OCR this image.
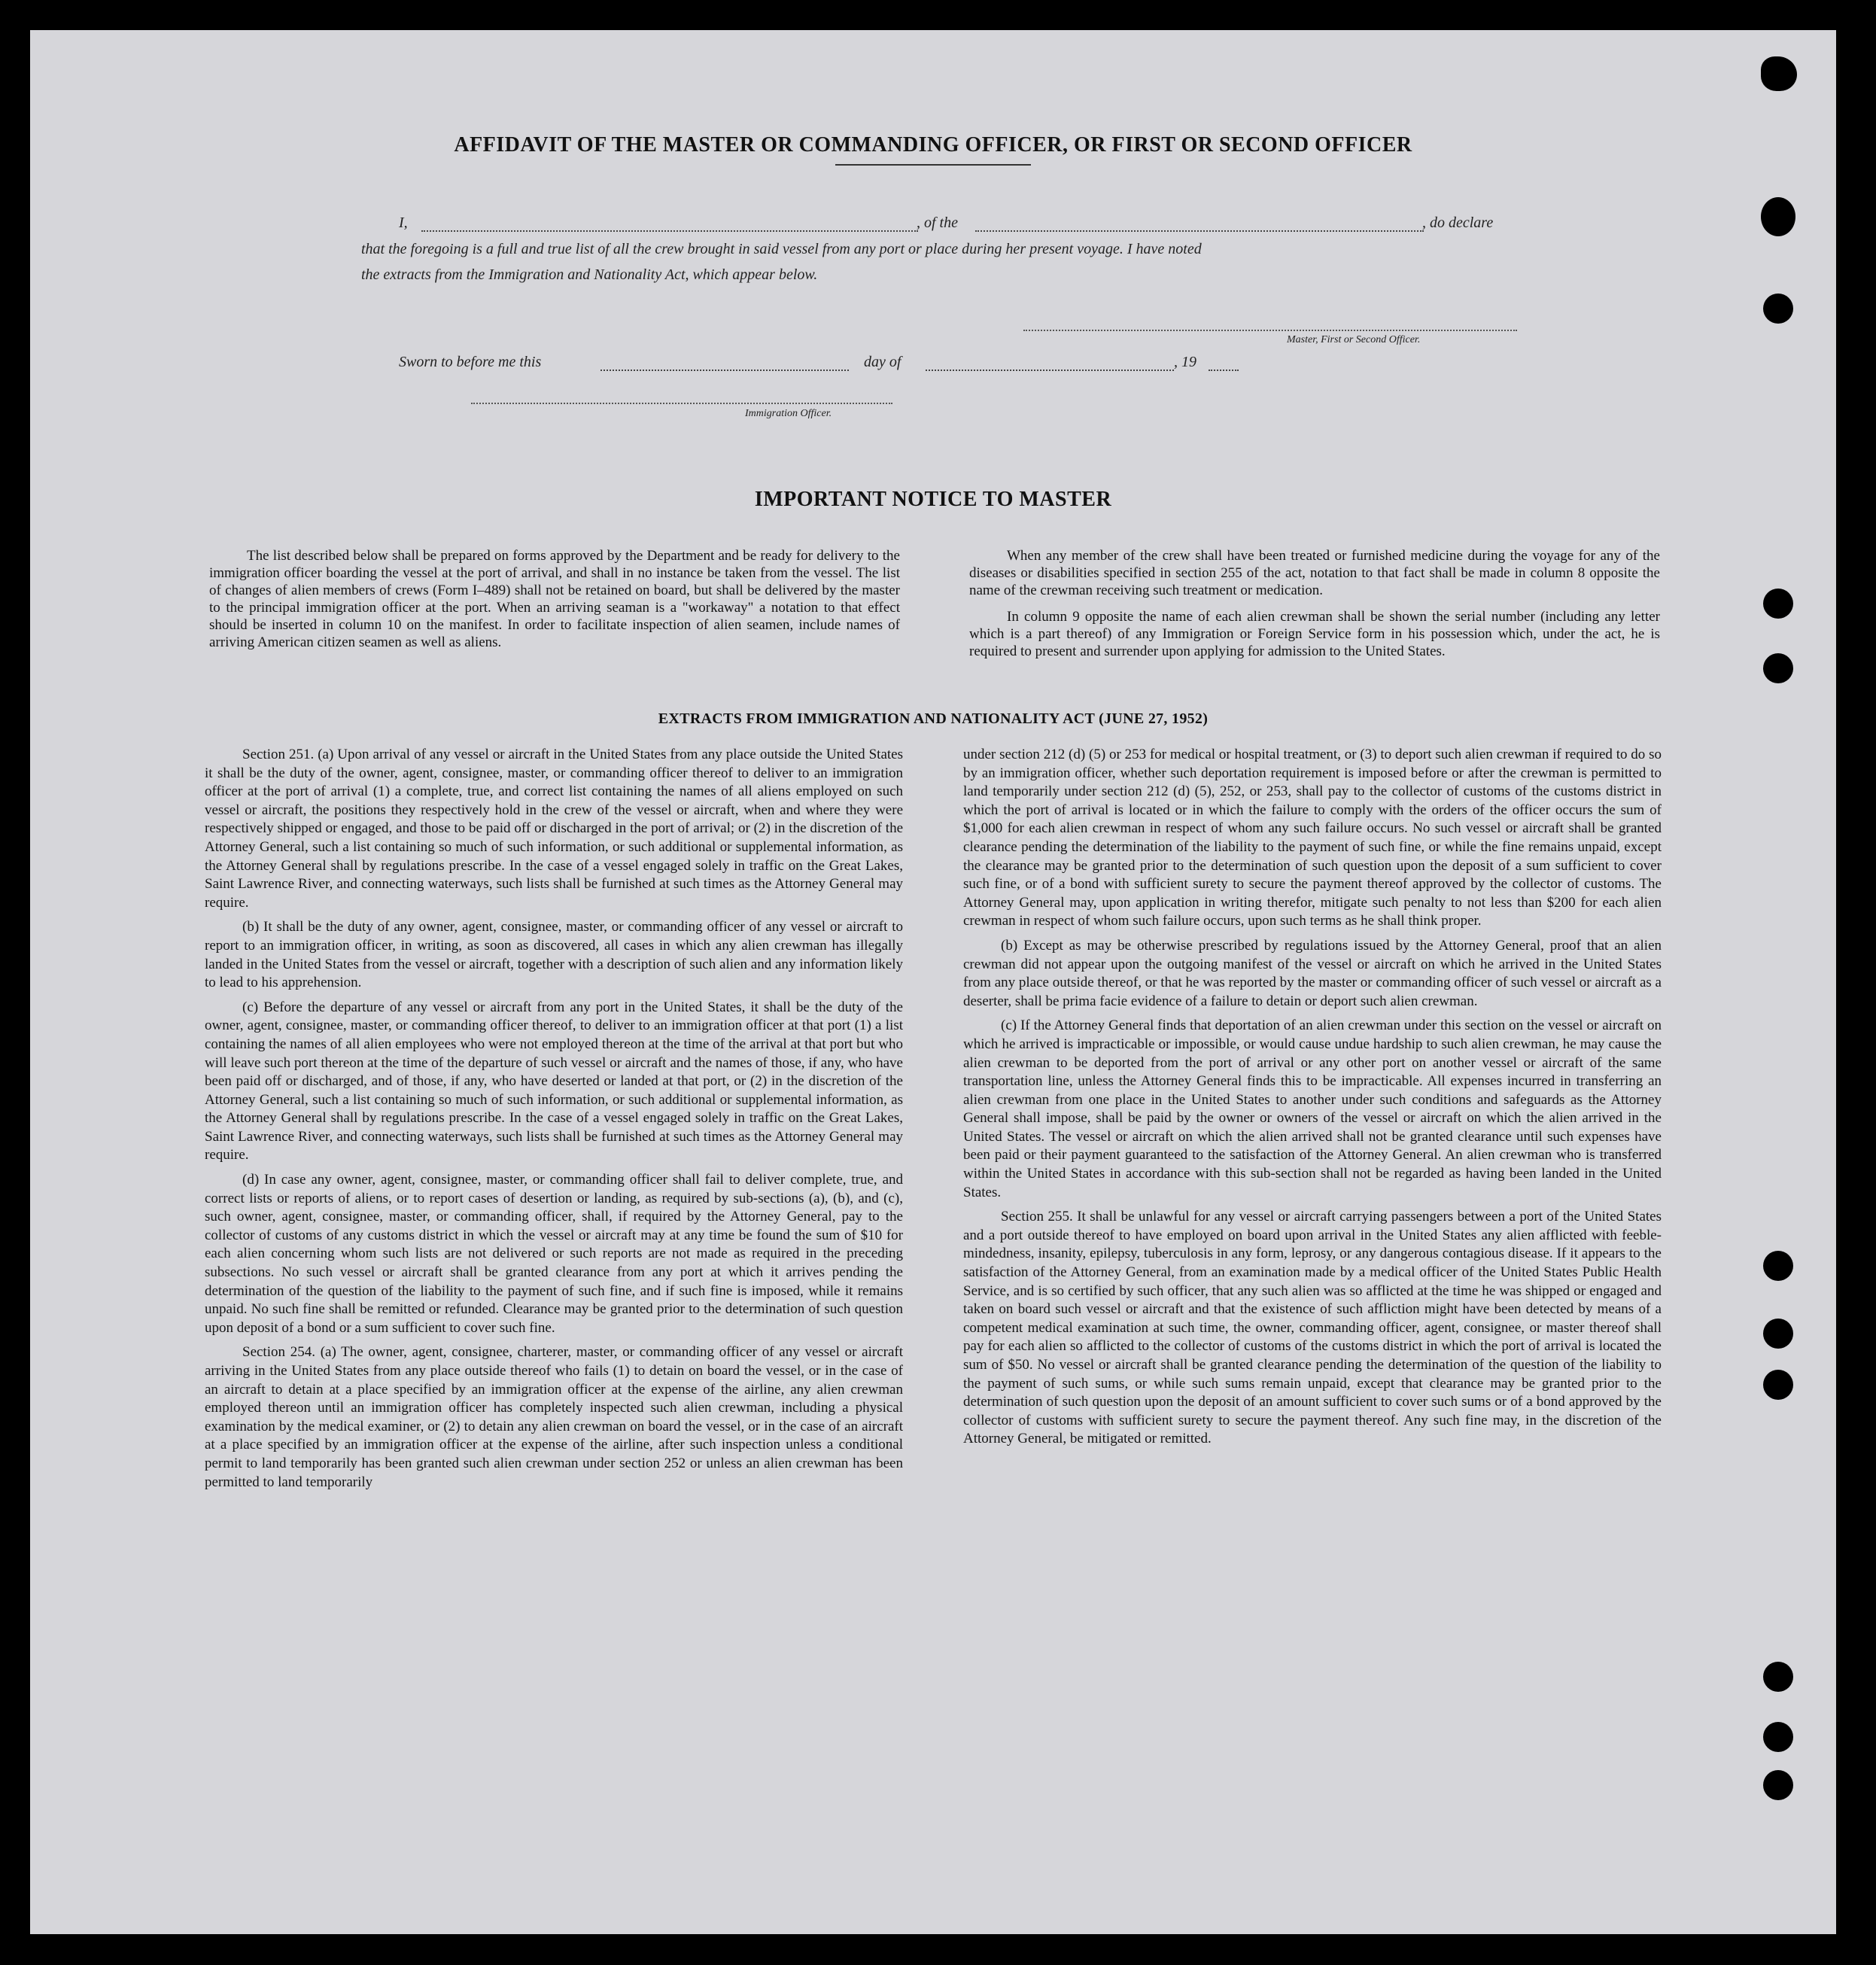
AFFIDAVIT OF THE MASTER OR COMMANDING OFFICER, OR FIRST OR SECOND OFFICER
I,	, of the	, do declare
that the foregoing is a full and true list of all the crew brought in said vessel from any port or place during her present voyage. I have noted
the extracts from the Immigration and Nationality Act, which appear below.
Master, First or Second Officer.
Sworn to before me this	day of	, 19
Immigration Officer.
IMPORTANT NOTICE TO MASTER

The list described below shall be prepared on forms approved by the Department and be ready for delivery to the immigration officer boarding the vessel at the port of arrival, and shall in no instance be taken from the vessel. The list of changes of alien members of crews (Form I–489) shall not be retained on board, but shall be delivered by the master to the principal immigration officer at the port. When an arriving seaman is a "workaway" a notation to that effect should be inserted in column 10 on the manifest. In order to facilitate inspection of alien seamen, include names of arriving American citizen seamen as well as aliens.

When any member of the crew shall have been treated or furnished medicine during the voyage for any of the diseases or disabilities specified in section 255 of the act, notation to that fact shall be made in column 8 opposite the name of the crewman receiving such treatment or medication.

In column 9 opposite the name of each alien crewman shall be shown the serial number (including any letter which is a part thereof) of any Immigration or Foreign Service form in his possession which, under the act, he is required to present and surrender upon applying for admission to the United States.

EXTRACTS FROM IMMIGRATION AND NATIONALITY ACT (JUNE 27, 1952)

Section 251. (a) Upon arrival of any vessel or aircraft in the United States from any place outside the United States it shall be the duty of the owner, agent, consignee, master, or commanding officer thereof to deliver to an immigration officer at the port of arrival (1) a complete, true, and correct list containing the names of all aliens employed on such vessel or aircraft, the positions they respectively hold in the crew of the vessel or aircraft, when and where they were respectively shipped or engaged, and those to be paid off or discharged in the port of arrival; or (2) in the discretion of the Attorney General, such a list containing so much of such information, or such additional or supplemental information, as the Attorney General shall by regulations prescribe. In the case of a vessel engaged solely in traffic on the Great Lakes, Saint Lawrence River, and connecting waterways, such lists shall be furnished at such times as the Attorney General may require.

(b) It shall be the duty of any owner, agent, consignee, master, or commanding officer of any vessel or aircraft to report to an immigration officer, in writing, as soon as discovered, all cases in which any alien crewman has illegally landed in the United States from the vessel or aircraft, together with a description of such alien and any information likely to lead to his apprehension.

(c) Before the departure of any vessel or aircraft from any port in the United States, it shall be the duty of the owner, agent, consignee, master, or commanding officer thereof, to deliver to an immigration officer at that port (1) a list containing the names of all alien employees who were not employed thereon at the time of the arrival at that port but who will leave such port thereon at the time of the departure of such vessel or aircraft and the names of those, if any, who have been paid off or discharged, and of those, if any, who have deserted or landed at that port, or (2) in the discretion of the Attorney General, such a list containing so much of such information, or such additional or supplemental information, as the Attorney General shall by regulations prescribe. In the case of a vessel engaged solely in traffic on the Great Lakes, Saint Lawrence River, and connecting waterways, such lists shall be furnished at such times as the Attorney General may require.

(d) In case any owner, agent, consignee, master, or commanding officer shall fail to deliver complete, true, and correct lists or reports of aliens, or to report cases of desertion or landing, as required by sub-sections (a), (b), and (c), such owner, agent, consignee, master, or commanding officer, shall, if required by the Attorney General, pay to the collector of customs of any customs district in which the vessel or aircraft may at any time be found the sum of $10 for each alien concerning whom such lists are not delivered or such reports are not made as required in the preceding subsections. No such vessel or aircraft shall be granted clearance from any port at which it arrives pending the determination of the question of the liability to the payment of such fine, and if such fine is imposed, while it remains unpaid. No such fine shall be remitted or refunded. Clearance may be granted prior to the determination of such question upon deposit of a bond or a sum sufficient to cover such fine.

Section 254. (a) The owner, agent, consignee, charterer, master, or commanding officer of any vessel or aircraft arriving in the United States from any place outside thereof who fails (1) to detain on board the vessel, or in the case of an aircraft to detain at a place specified by an immigration officer at the expense of the airline, any alien crewman employed thereon until an immigration officer has completely inspected such alien crewman, including a physical examination by the medical examiner, or (2) to detain any alien crewman on board the vessel, or in the case of an aircraft at a place specified by an immigration officer at the expense of the airline, after such inspection unless a conditional permit to land temporarily has been granted such alien crewman under section 252 or unless an alien crewman has been permitted to land temporarily

under section 212 (d) (5) or 253 for medical or hospital treatment, or (3) to deport such alien crewman if required to do so by an immigration officer, whether such deportation requirement is imposed before or after the crewman is permitted to land temporarily under section 212 (d) (5), 252, or 253, shall pay to the collector of customs of the customs district in which the port of arrival is located or in which the failure to comply with the orders of the officer occurs the sum of $1,000 for each alien crewman in respect of whom any such failure occurs. No such vessel or aircraft shall be granted clearance pending the determination of the liability to the payment of such fine, or while the fine remains unpaid, except the clearance may be granted prior to the determination of such question upon the deposit of a sum sufficient to cover such fine, or of a bond with sufficient surety to secure the payment thereof approved by the collector of customs. The Attorney General may, upon application in writing therefor, mitigate such penalty to not less than $200 for each alien crewman in respect of whom such failure occurs, upon such terms as he shall think proper.

(b) Except as may be otherwise prescribed by regulations issued by the Attorney General, proof that an alien crewman did not appear upon the outgoing manifest of the vessel or aircraft on which he arrived in the United States from any place outside thereof, or that he was reported by the master or commanding officer of such vessel or aircraft as a deserter, shall be prima facie evidence of a failure to detain or deport such alien crewman.

(c) If the Attorney General finds that deportation of an alien crewman under this section on the vessel or aircraft on which he arrived is impracticable or impossible, or would cause undue hardship to such alien crewman, he may cause the alien crewman to be deported from the port of arrival or any other port on another vessel or aircraft of the same transportation line, unless the Attorney General finds this to be impracticable. All expenses incurred in transferring an alien crewman from one place in the United States to another under such conditions and safeguards as the Attorney General shall impose, shall be paid by the owner or owners of the vessel or aircraft on which the alien arrived in the United States. The vessel or aircraft on which the alien arrived shall not be granted clearance until such expenses have been paid or their payment guaranteed to the satisfaction of the Attorney General. An alien crewman who is transferred within the United States in accordance with this sub-section shall not be regarded as having been landed in the United States.

Section 255. It shall be unlawful for any vessel or aircraft carrying passengers between a port of the United States and a port outside thereof to have employed on board upon arrival in the United States any alien afflicted with feeble-mindedness, insanity, epilepsy, tuberculosis in any form, leprosy, or any dangerous contagious disease. If it appears to the satisfaction of the Attorney General, from an examination made by a medical officer of the United States Public Health Service, and is so certified by such officer, that any such alien was so afflicted at the time he was shipped or engaged and taken on board such vessel or aircraft and that the existence of such affliction might have been detected by means of a competent medical examination at such time, the owner, commanding officer, agent, consignee, or master thereof shall pay for each alien so afflicted to the collector of customs of the customs district in which the port of arrival is located the sum of $50. No vessel or aircraft shall be granted clearance pending the determination of the question of the liability to the payment of such sums, or while such sums remain unpaid, except that clearance may be granted prior to the determination of such question upon the deposit of an amount sufficient to cover such sums or of a bond approved by the collector of customs with sufficient surety to secure the payment thereof. Any such fine may, in the discretion of the Attorney General, be mitigated or remitted.
